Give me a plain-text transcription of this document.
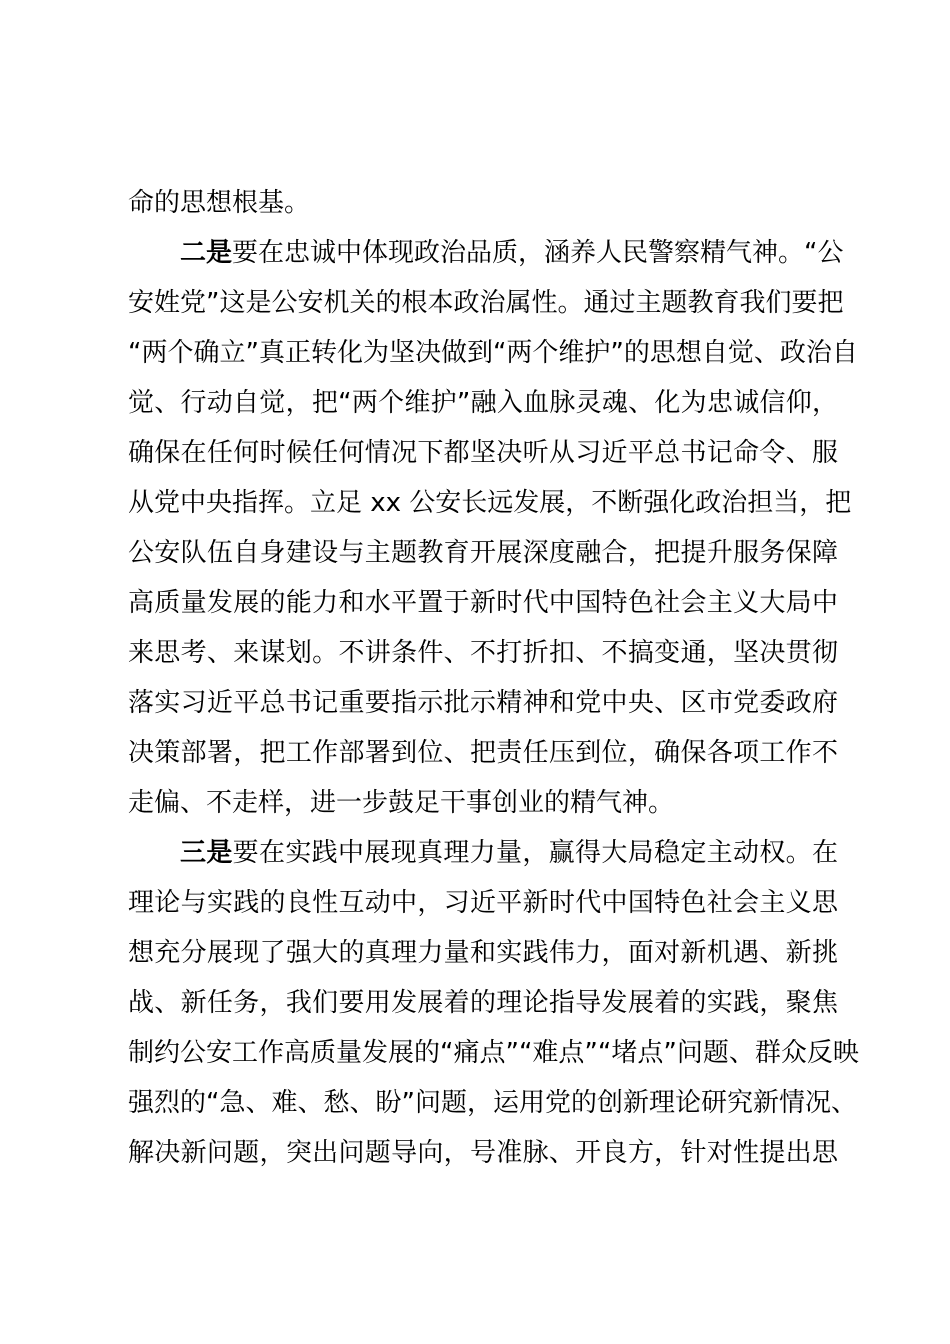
命的思想根基。
二是要在忠诚中体现政治品质，涵养人民警察精气神。“公
安姓党”这是公安机关的根本政治属性。通过主题教育我们要把
“两个确立”真正转化为坚决做到“两个维护”的思想自觉、政治自
觉、行动自觉，把“两个维护”融入血脉灵魂、化为忠诚信仰，
确保在任何时候任何情况下都坚决听从习近平总书记命令、服
从党中央指挥。立足 xx 公安长远发展，不断强化政治担当，把
公安队伍自身建设与主题教育开展深度融合，把提升服务保障
高质量发展的能力和水平置于新时代中国特色社会主义大局中
来思考、来谋划。不讲条件、不打折扣、不搞变通，坚决贯彻
落实习近平总书记重要指示批示精神和党中央、区市党委政府
决策部署，把工作部署到位、把责任压到位，确保各项工作不
走偏、不走样，进一步鼓足干事创业的精气神。
三是要在实践中展现真理力量，赢得大局稳定主动权。在
理论与实践的良性互动中，习近平新时代中国特色社会主义思
想充分展现了强大的真理力量和实践伟力，面对新机遇、新挑
战、新任务，我们要用发展着的理论指导发展着的实践，聚焦
制约公安工作高质量发展的“痛点”“难点”“堵点”问题、群众反映
强烈的“急、难、愁、盼”问题，运用党的创新理论研究新情况、
解决新问题，突出问题导向，号准脉、开良方，针对性提出思
